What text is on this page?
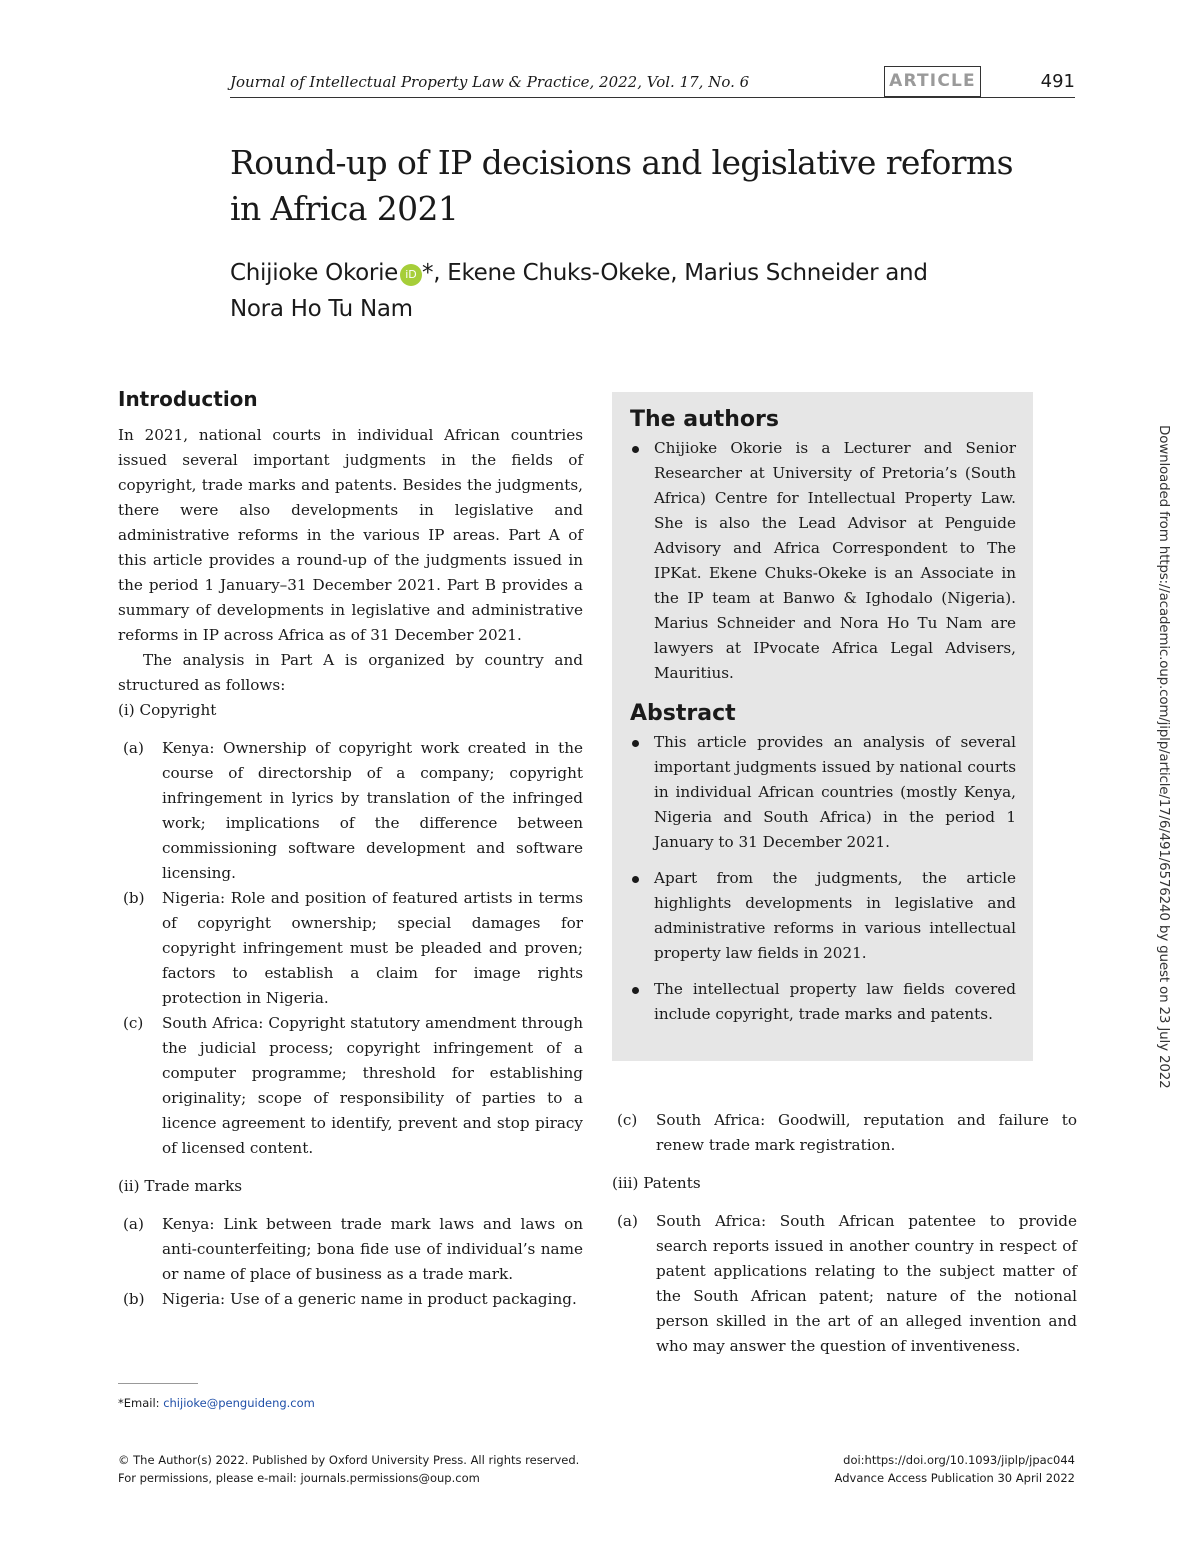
Journal of Intellectual Property Law & Practice, 2022, Vol. 17, No. 6	ARTICLE	491
Round-up of IP decisions and legislative reforms
in Africa 2021
Chijioke Okorie iD *, Ekene Chuks-Okeke, Marius Schneider and
Nora Ho Tu Nam
Introduction

In 2021, national courts in individual African countries issued several important judgments in the fields of copyright, trade marks and patents. Besides the judgments, there were also developments in legislative and administrative reforms in the various IP areas. Part A of this article provides a round-up of the judgments issued in the period 1 January–31 December 2021. Part B provides a summary of developments in legislative and administrative reforms in IP across Africa as of 31 December 2021.

The analysis in Part A is organized by country and structured as follows:

(i) Copyright

(a) Kenya: Ownership of copyright work created in the course of directorship of a company; copyright infringement in lyrics by translation of the infringed work; implications of the difference between commissioning software development and software licensing.
(b) Nigeria: Role and position of featured artists in terms of copyright ownership; special damages for copyright infringement must be pleaded and proven; factors to establish a claim for image rights protection in Nigeria.
(c) South Africa: Copyright statutory amendment through the judicial process; copyright infringement of a computer programme; threshold for establishing originality; scope of responsibility of parties to a licence agreement to identify, prevent and stop piracy of licensed content.

(ii) Trade marks

(a) Kenya: Link between trade mark laws and laws on anti-counterfeiting; bona fide use of individual’s name or name of place of business as a trade mark.
(b) Nigeria: Use of a generic name in product packaging.
The authors
Chijioke Okorie is a Lecturer and Senior Researcher at University of Pretoria’s (South Africa) Centre for Intellectual Property Law. She is also the Lead Advisor at Penguide Advisory and Africa Correspondent to The IPKat. Ekene Chuks-Okeke is an Associate in the IP team at Banwo & Ighodalo (Nigeria). Marius Schneider and Nora Ho Tu Nam are lawyers at IPvocate Africa Legal Advisers, Mauritius.
Abstract
This article provides an analysis of several important judgments issued by national courts in individual African countries (mostly Kenya, Nigeria and South Africa) in the period 1 January to 31 December 2021.
Apart from the judgments, the article highlights developments in legislative and administrative reforms in various intellectual property law fields in 2021.
The intellectual property law fields covered include copyright, trade marks and patents.
(c) South Africa: Goodwill, reputation and failure to renew trade mark registration.

(iii) Patents

(a) South Africa: South African patentee to provide search reports issued in another country in respect of patent applications relating to the subject matter of the South African patent; nature of the notional person skilled in the art of an alleged invention and who may answer the question of inventiveness.
*Email: chijioke@penguideng.com
© The Author(s) 2022. Published by Oxford University Press. All rights reserved.
For permissions, please e-mail: journals.permissions@oup.com
doi:https://doi.org/10.1093/jiplp/jpac044
Advance Access Publication 30 April 2022
Downloaded from https://academic.oup.com/jiplp/article/17/6/491/6576240 by guest on 23 July 2022
